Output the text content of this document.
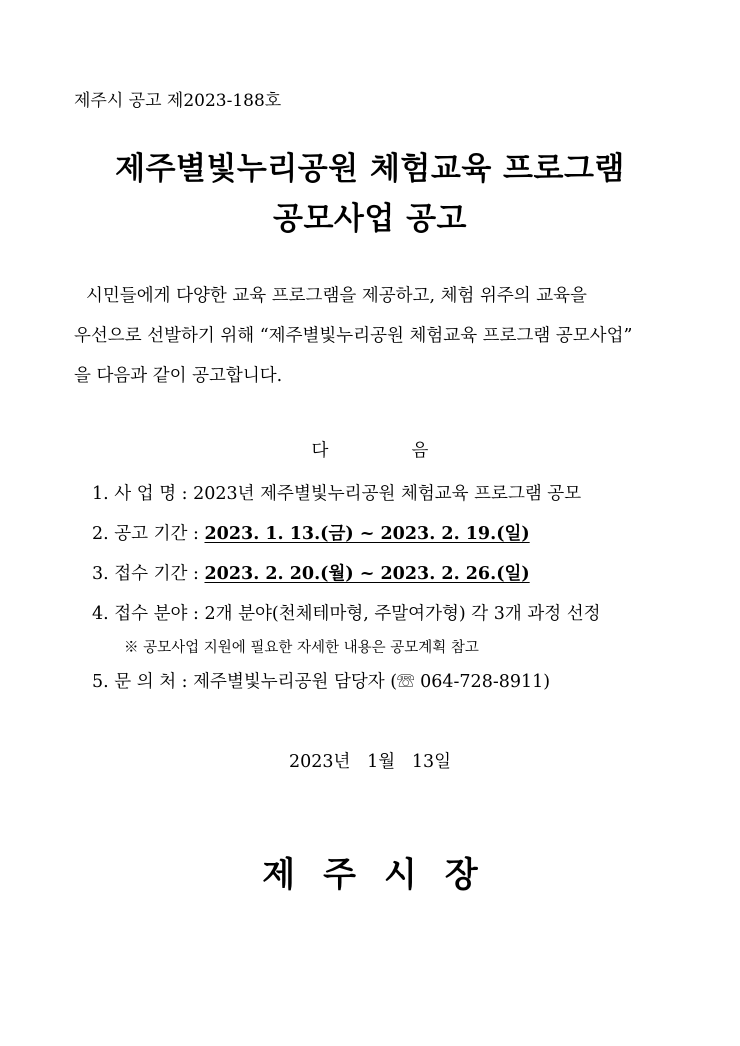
제주시 공고 제2023-188호
제주별빛누리공원 체험교육 프로그램
공모사업 공고
시민들에게 다양한 교육 프로그램을 제공하고, 체험 위주의 교육을
우선으로 선발하기 위해 “제주별빛누리공원 체험교육 프로그램 공모사업”
을 다음과 같이 공고합니다.
다	음
1. 사 업 명 : 2023년 제주별빛누리공원 체험교육 프로그램 공모
2. 공고 기간 : 2023. 1. 13.(금) ~ 2023. 2. 19.(일)
3. 접수 기간 : 2023. 2. 20.(월) ~ 2023. 2. 26.(일)
4. 접수 분야 : 2개 분야(천체테마형, 주말여가형) 각 3개 과정 선정
※ 공모사업 지원에 필요한 자세한 내용은 공모계획 참고
5. 문 의 처 : 제주별빛누리공원 담당자 (☏ 064-728-8911)
2023년   1월   13일
제주시장
